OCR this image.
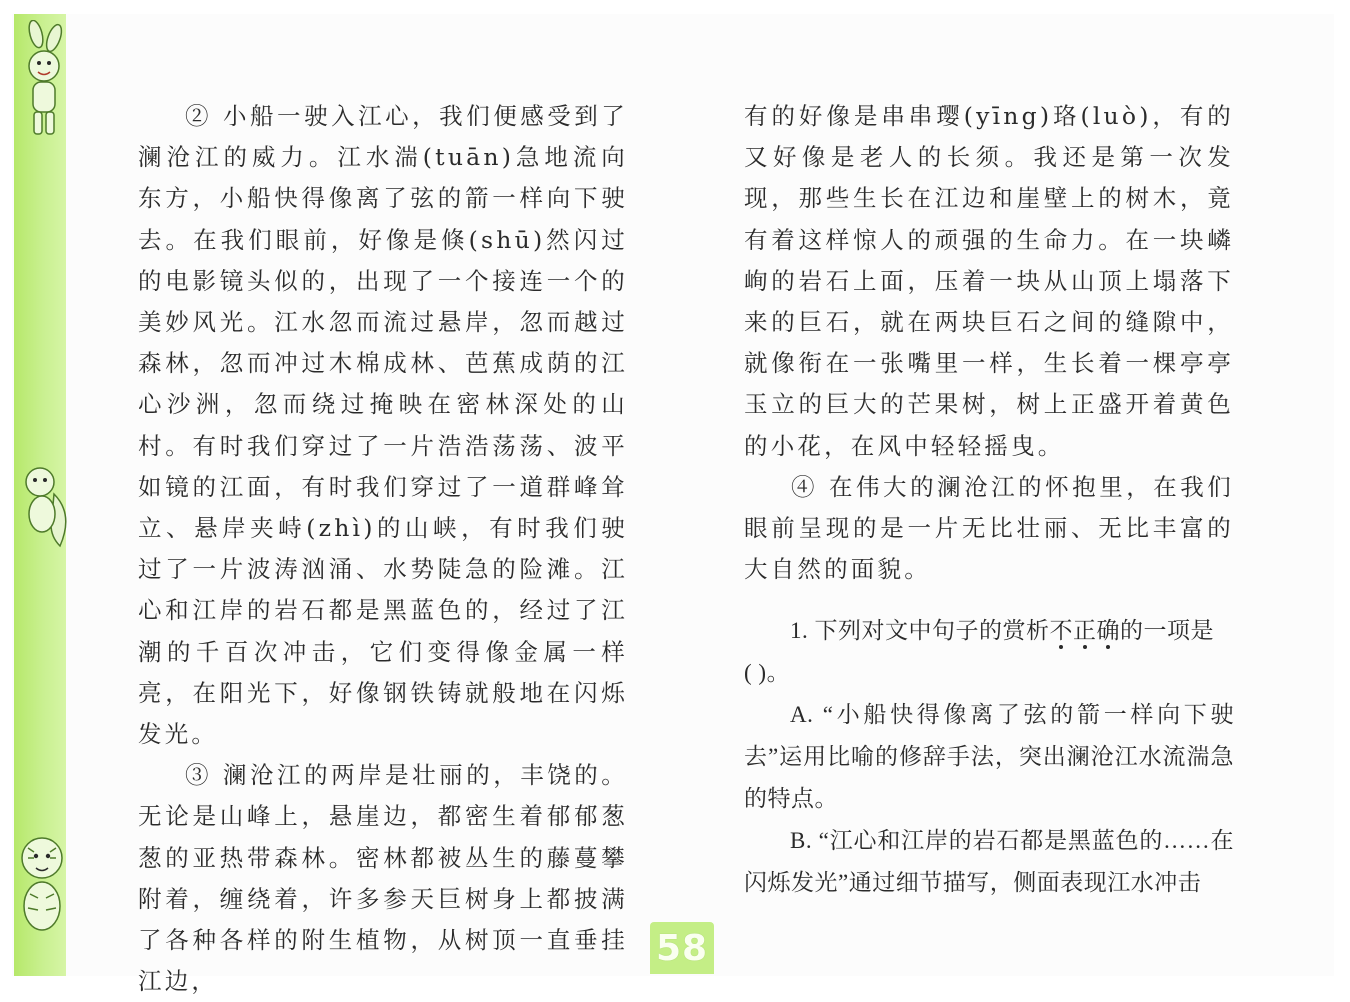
② 小船一驶入江心，我们便感受到了澜沧江的威力。江水湍(tuān)急地流向东方，小船快得像离了弦的箭一样向下驶去。在我们眼前，好像是倏(shū)然闪过的电影镜头似的，出现了一个接连一个的美妙风光。江水忽而流过悬岸，忽而越过森林，忽而冲过木棉成林、芭蕉成荫的江心沙洲，忽而绕过掩映在密林深处的山村。有时我们穿过了一片浩浩荡荡、波平如镜的江面，有时我们穿过了一道群峰耸立、悬岸夹峙(zhì)的山峡，有时我们驶过了一片波涛汹涌、水势陡急的险滩。江心和江岸的岩石都是黑蓝色的，经过了江潮的千百次冲击，它们变得像金属一样亮，在阳光下，好像钢铁铸就般地在闪烁发光。

③ 澜沧江的两岸是壮丽的，丰饶的。无论是山峰上，悬崖边，都密生着郁郁葱葱的亚热带森林。密林都被丛生的藤蔓攀附着，缠绕着，许多参天巨树身上都披满了各种各样的附生植物，从树顶一直垂挂江边，

有的好像是串串璎(yīng)珞(luò)，有的又好像是老人的长须。我还是第一次发现，那些生长在江边和崖壁上的树木，竟有着这样惊人的顽强的生命力。在一块嶙峋的岩石上面，压着一块从山顶上塌落下来的巨石，就在两块巨石之间的缝隙中，就像衔在一张嘴里一样，生长着一棵亭亭玉立的巨大的芒果树，树上正盛开着黄色的小花，在风中轻轻摇曳。

④ 在伟大的澜沧江的怀抱里，在我们眼前呈现的是一片无比壮丽、无比丰富的大自然的面貌。

1. 下列对文中句子的赏析不
正
确
的一项是

( )。

A. “小船快得像离了弦的箭一样向下驶去”运用比喻的修辞手法，突出澜沧江水流湍急的特点。

B. “江心和江岸的岩石都是黑蓝色的……在闪烁发光”通过细节描写，侧面表现江水冲击

58
